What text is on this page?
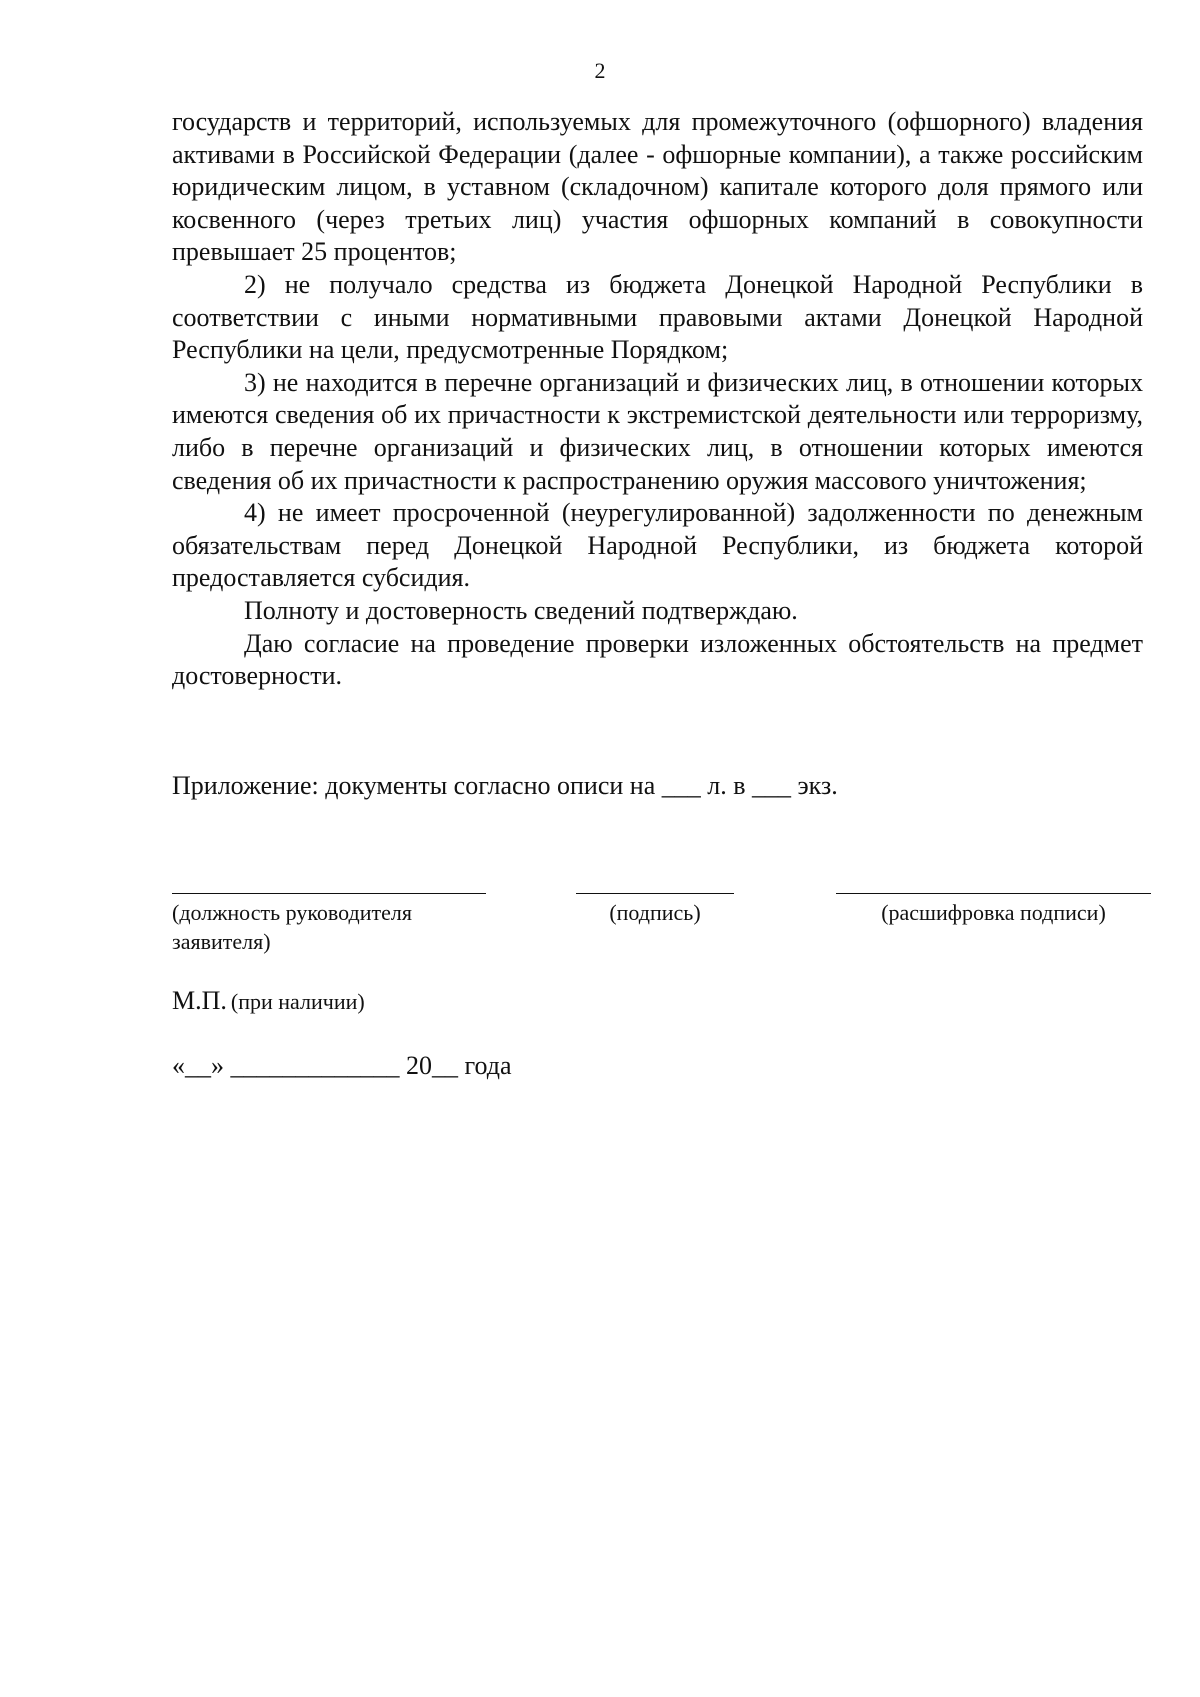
2

государств и территорий, используемых для промежуточного (офшорного) владения активами в Российской Федерации (далее - офшорные компании), а также российским юридическим лицом, в уставном (складочном) капитале которого доля прямого или косвенного (через третьих лиц) участия офшорных компаний в совокупности превышает 25 процентов;

2) не получало средства из бюджета Донецкой Народной Республики в соответствии с иными нормативными правовыми актами Донецкой Народной Республики на цели, предусмотренные Порядком;

3) не находится в перечне организаций и физических лиц, в отношении которых имеются сведения об их причастности к экстремистской деятельности или терроризму, либо в перечне организаций и физических лиц, в отношении которых имеются сведения об их причастности к распространению оружия массового уничтожения;

4) не имеет просроченной (неурегулированной) задолженности по денежным обязательствам перед Донецкой Народной Республики, из бюджета которой предоставляется субсидия.

Полноту и достоверность сведений подтверждаю.

Даю согласие на проведение проверки изложенных обстоятельств на предмет достоверности.

Приложение: документы согласно описи на ___ л. в ___ экз.
(должность руководителя
заявителя)
(подпись)	(расшифровка подписи)
М.П. (при наличии)
«__» _____________ 20__ года
